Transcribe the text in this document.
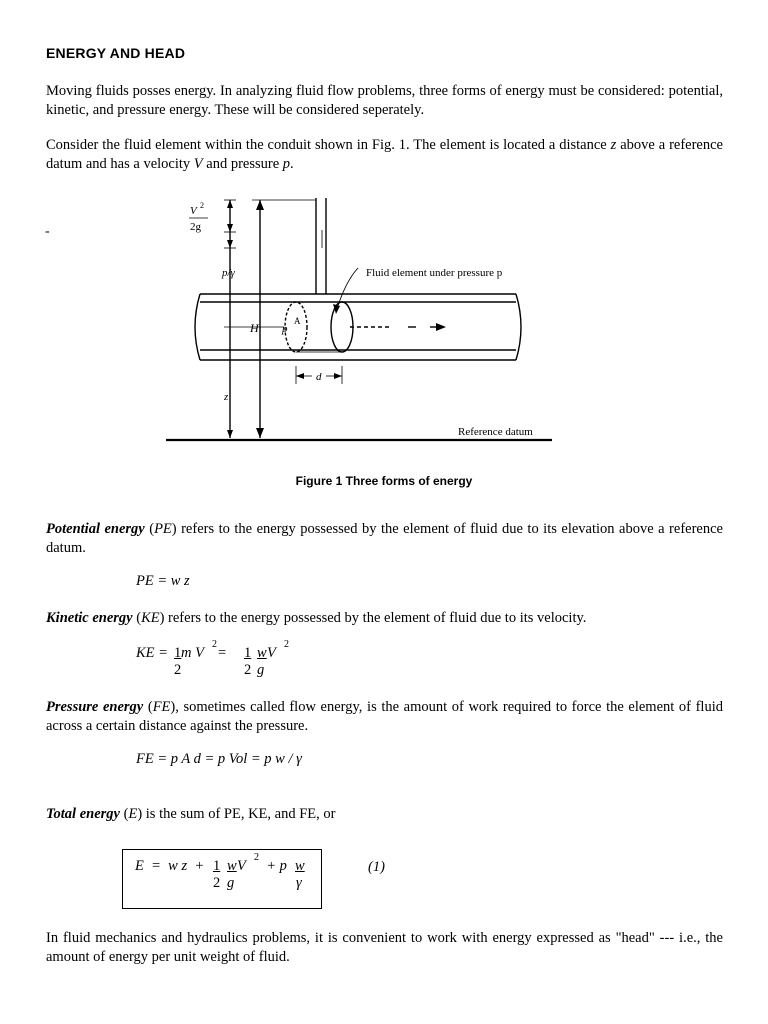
ENERGY AND HEAD
Moving fluids posses energy. In analyzing fluid flow problems, three forms of energy must be considered: potential, kinetic, and pressure energy. These will be considered seperately.
Consider the fluid element within the conduit shown in Fig. 1. The element is located a distance z above a reference datum and has a velocity V and pressure p.
-
V 2
2g
p/γ	Fluid element under pressure p
H p
A
d
z
Reference datum
Figure 1 Three forms of energy
Potential energy (PE) refers to the energy possessed by the element of fluid due to its elevation above a reference datum.
PE = w z
Kinetic energy (KE) refers to the energy possessed by the element of fluid due to its velocity.
KE = 1
2
m V
2
= 1
2
w
g
V
2
Pressure energy (FE), sometimes called flow energy, is the amount of work required to force the element of fluid across a certain distance against the pressure.
FE = p A d = p Vol = p w / γ
Total energy (E) is the sum of PE, KE, and FE, or
E  =  w z  + 1
2
w
g
V
2
+ p w
γ
(1)
In fluid mechanics and hydraulics problems, it is convenient to work with energy expressed as "head" --- i.e., the amount of energy per unit weight of fluid.
